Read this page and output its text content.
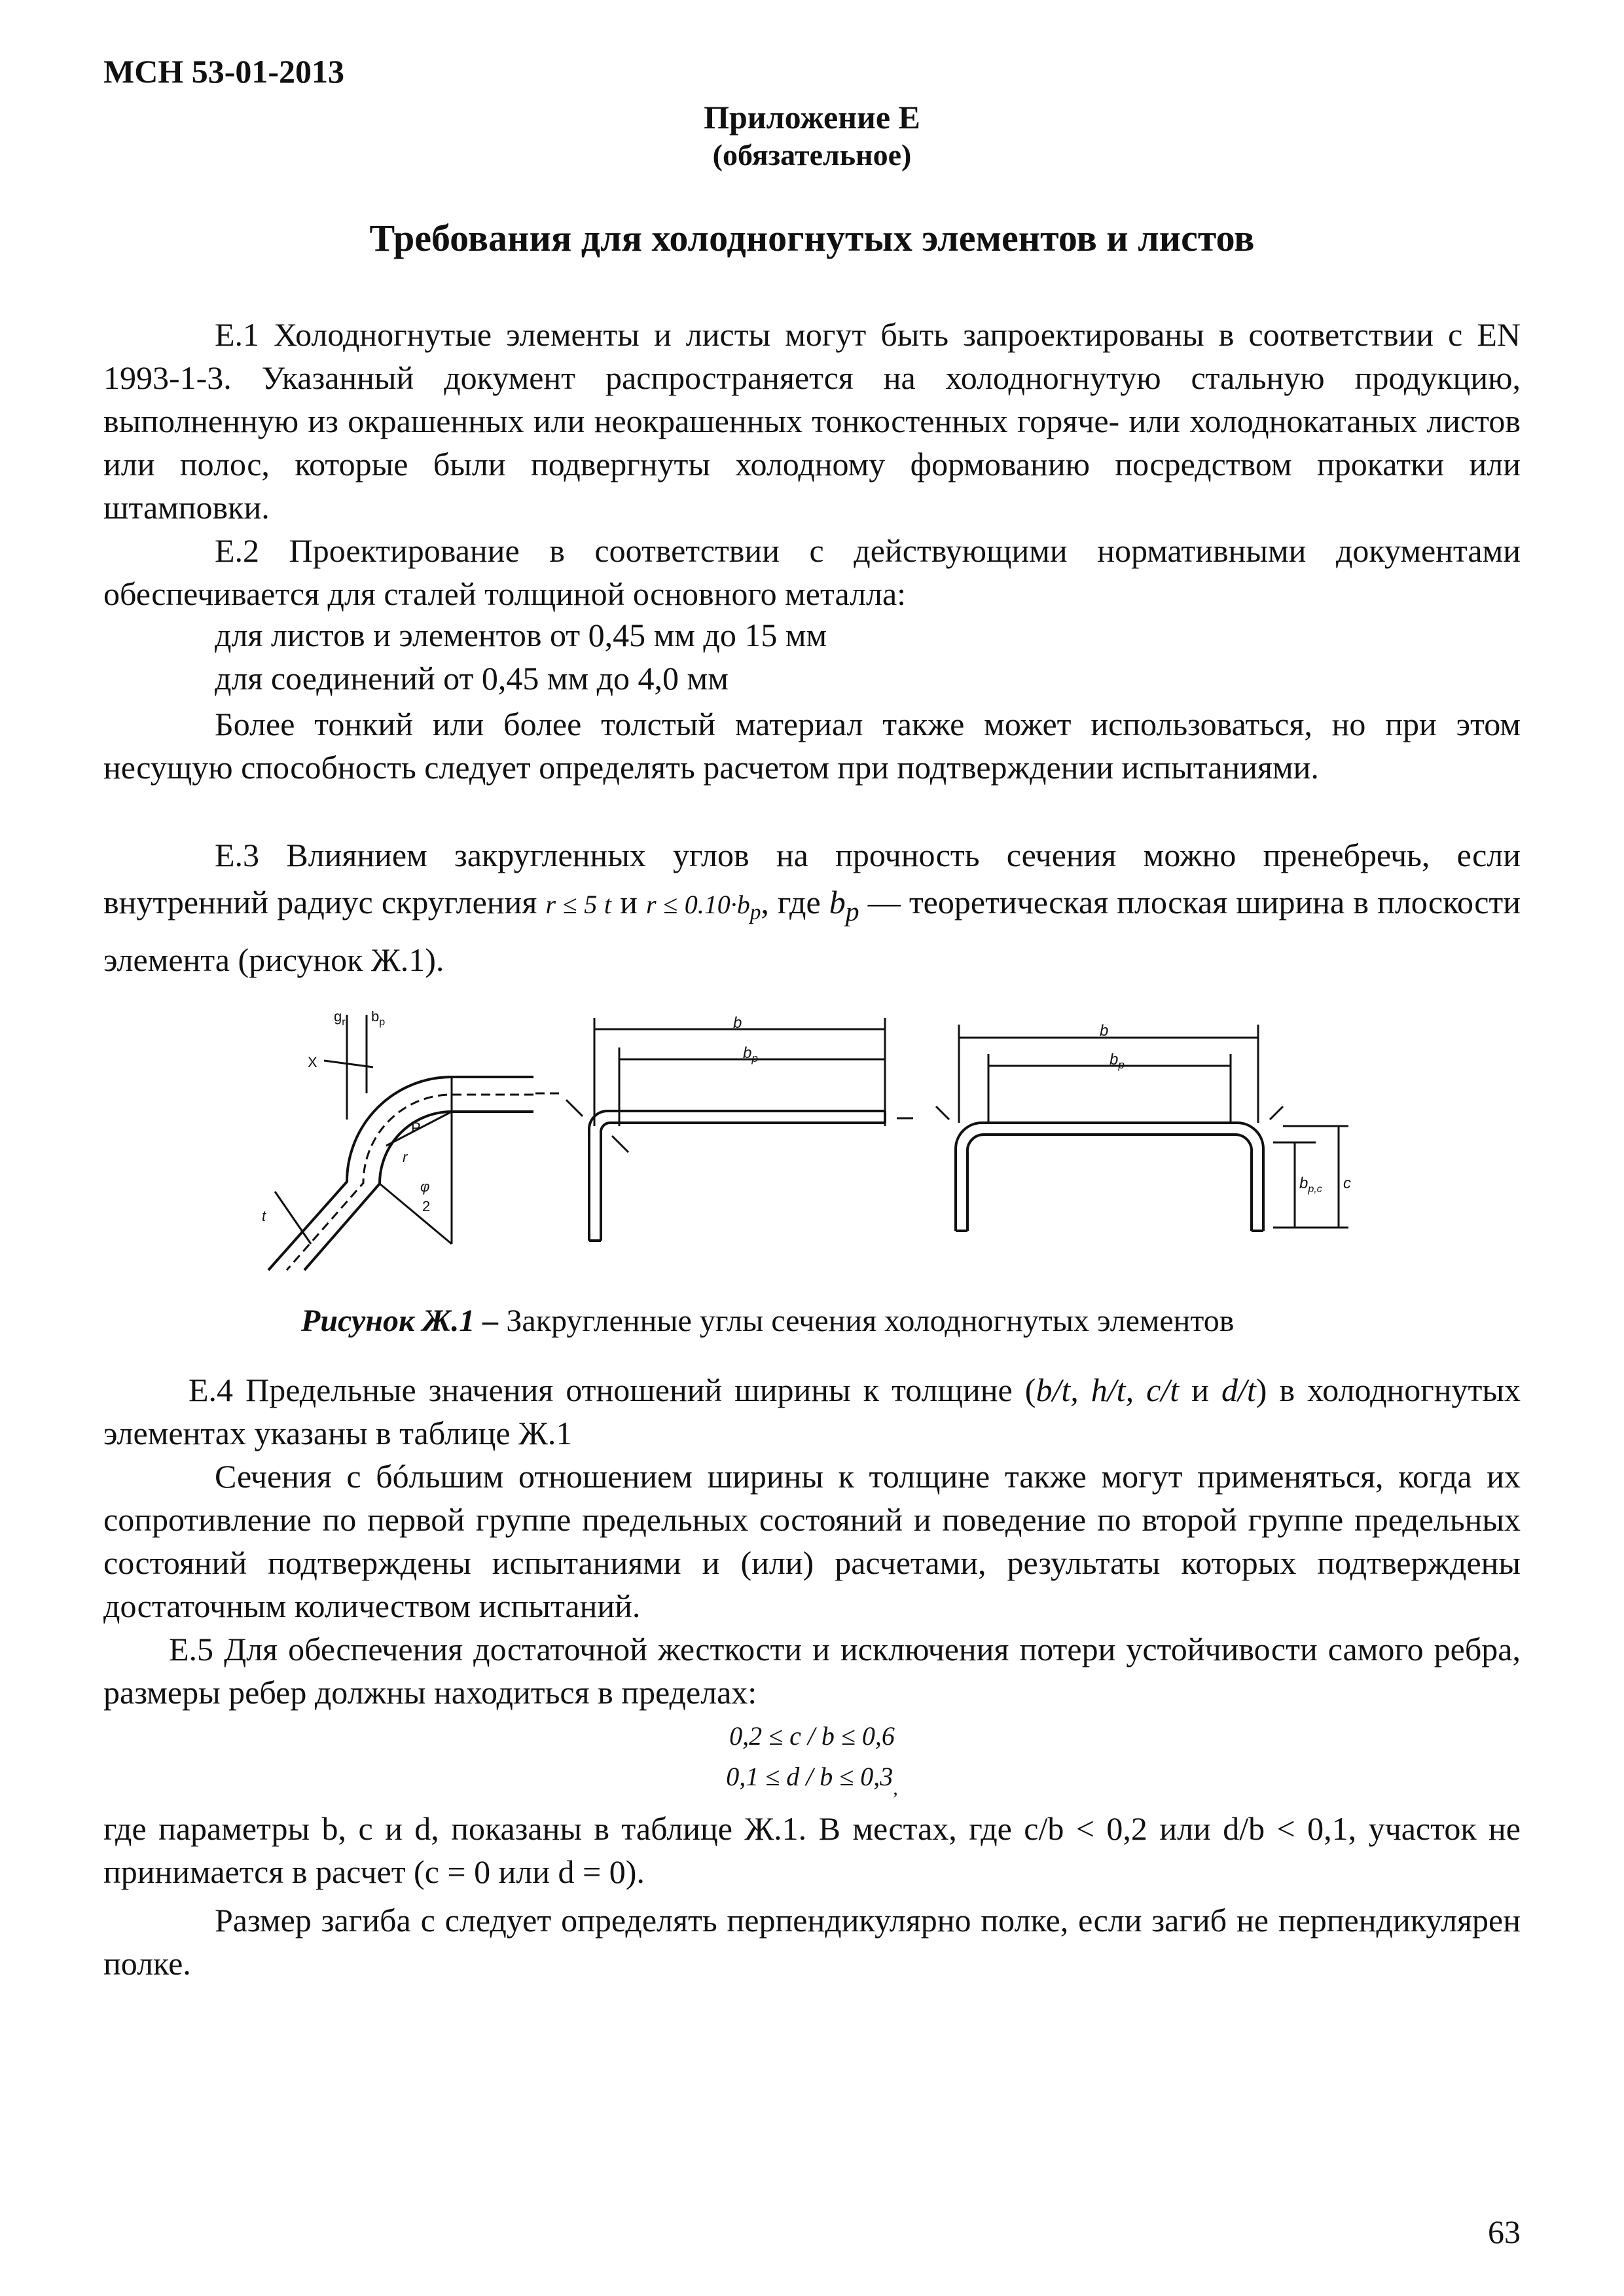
МСН 53-01-2013
Приложение Е
(обязательное)
Требования для холодногнутых элементов и листов
Е.1 Холодногнутые элементы и листы могут быть запроектированы в соответствии с EN 1993-1-3. Указанный документ распространяется на холодногнутую стальную продукцию, выполненную из окрашенных или неокрашенных тонкостенных горяче- или холоднокатаных листов или полос, которые были подвергнуты холодному формованию посредством прокатки или штамповки.
Е.2 Проектирование в соответствии с действующими нормативными документами обеспечивается для сталей толщиной основного металла:
для листов и элементов от 0,45 мм до 15 мм
для соединений от 0,45 мм до 4,0 мм
Более тонкий или более толстый материал также может использоваться, но при этом несущую способность следует определять расчетом при подтверждении испытаниями.
Е.3 Влиянием закругленных углов на прочность сечения можно пренебречь, если внутренний радиус скругления r ≤ 5 t и $r \le 0.10\cdot b_p$, где $b_p$ — теоретическая плоская ширина в плоскости элемента (рисунок Ж.1).
$g_r$ $b_p$
X
P
r
φ
2
t
b
$b_p$
b
$b_p$
$b_{p,c}$ c
Рисунок Ж.1 – Закругленные углы сечения холодногнутых элементов
Е.4 Предельные значения отношений ширины к толщине (b/t, h/t, c/t и d/t) в холодногнутых элементах указаны в таблице Ж.1
Сечения с бóльшим отношением ширины к толщине также могут применяться, когда их сопротивление по первой группе предельных состояний и поведение по второй группе предельных состояний подтверждены испытаниями и (или) расчетами, результаты которых подтверждены достаточным количеством испытаний.
Е.5 Для обеспечения достаточной жесткости и исключения потери устойчивости самого ребра, размеры ребер должны находиться в пределах:
0,2 ≤ c / b ≤ 0,6
$0,1 \le d / b \le 0,3_,$
где параметры b, c и d, показаны в таблице Ж.1. В местах, где c/b < 0,2 или d/b < 0,1, участок не принимается в расчет (c = 0 или d = 0).
Размер загиба c следует определять перпендикулярно полке, если загиб не перпендикулярен полке.
63
